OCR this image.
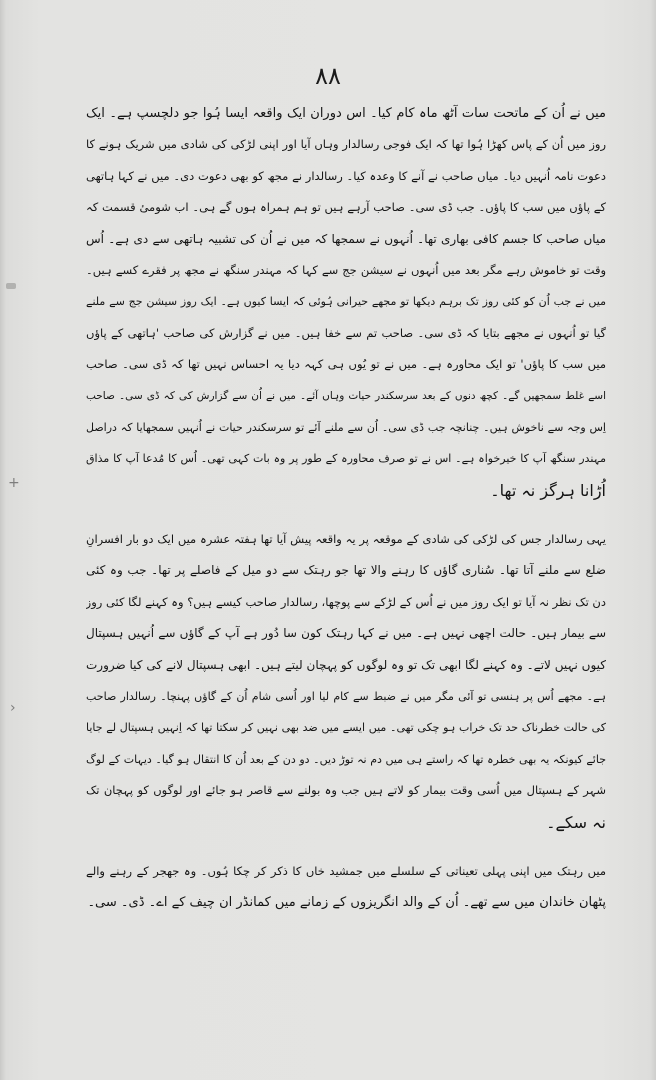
+
›
۸۸
میں نے اُن کے ماتحت سات آٹھ ماہ کام کیا۔ اس دوران ایک واقعہ ایسا ہُوا جو دلچسپ ہے۔ ایک
روز میں اُن کے پاس کھڑا ہُوا تھا کہ ایک فوجی رسالدار وہاں آیا اور اپنی لڑکی کی شادی میں شریک ہونے کا
دعوت نامہ اُنہیں دیا۔ میاں صاحب نے آنے کا وعدہ کیا۔ رسالدار نے مجھ کو بھی دعوت دی۔ میں نے کہا ہاتھی
کے پاؤں میں سب کا پاؤں۔ جب ڈی سی۔ صاحب آرہے ہیں تو ہم ہمراہ ہوں گے ہی۔ اب شومیٔ قسمت کہ
میاں صاحب کا جسم کافی بھاری تھا۔ اُنہوں نے سمجھا کہ میں نے اُن کی تشبیہ ہاتھی سے دی ہے۔ اُس
وقت تو خاموش رہے مگر بعد میں اُنہوں نے سیشن جج سے کہا کہ مہندر سنگھ نے مجھ پر فقرے کسے ہیں۔
میں نے جب اُن کو کئی روز تک برہم دیکھا تو مجھے حیرانی ہُوئی کہ ایسا کیوں ہے۔ ایک روز سیشن جج سے ملنے
گیا تو اُنہوں نے مجھے بتایا کہ ڈی سی۔ صاحب تم سے خفا ہیں۔ میں نے گزارش کی صاحب 'ہاتھی کے پاؤں
میں سب کا پاؤں' تو ایک محاورہ ہے۔ میں نے تو یُوں ہی کہہ دیا یہ احساس نہیں تھا کہ ڈی سی۔ صاحب
اسے غلط سمجھیں گے۔ کچھ دنوں کے بعد سرسکندر حیات وہاں آئے۔ میں نے اُن سے گزارش کی کہ ڈی سی۔ صاحب
اِس وجہ سے ناخوش ہیں۔ چنانچہ جب ڈی سی۔ اُن سے ملنے آئے تو سرسکندر حیات نے اُنہیں سمجھایا کہ دراصل
مہندر سنگھ آپ کا خیرخواہ ہے۔ اس نے تو صرف محاورہ کے طور پر وہ بات کہی تھی۔ اُس کا مُدعا آپ کا مذاق
اُڑانا ہرگز نہ تھا۔
یہی رسالدار جس کی لڑکی کی شادی کے موقعہ پر یہ واقعہ پیش آیا تھا ہفتہ عشرہ میں ایک دو بار افسرانِ
ضلع سے ملنے آتا تھا۔ سُناری گاؤں کا رہنے والا تھا جو رہتک سے دو میل کے فاصلے پر تھا۔ جب وہ کئی
دن تک نظر نہ آیا تو ایک روز میں نے اُس کے لڑکے سے پوچھا، رسالدار صاحب کیسے ہیں؟ وہ کہنے لگا کئی روز
سے بیمار ہیں۔ حالت اچھی نہیں ہے۔ میں نے کہا رہتک کون سا دُور ہے آپ کے گاؤں سے اُنہیں ہسپتال
کیوں نہیں لاتے۔ وہ کہنے لگا ابھی تک تو وہ لوگوں کو پہچان لیتے ہیں۔ ابھی ہسپتال لانے کی کیا ضرورت
ہے۔ مجھے اُس پر ہنسی تو آئی مگر میں نے ضبط سے کام لیا اور اُسی شام اُن کے گاؤں پہنچا۔ رسالدار صاحب
کی حالت خطرناک حد تک خراب ہو چکی تھی۔ میں ایسے میں ضد بھی نہیں کر سکتا تھا کہ اِنہیں ہسپتال لے جایا
جائے کیونکہ یہ بھی خطرہ تھا کہ راستے ہی میں دم نہ توڑ دیں۔ دو دن کے بعد اُن کا انتقال ہو گیا۔ دیہات کے لوگ
شہر کے ہسپتال میں اُسی وقت بیمار کو لاتے ہیں جب وہ بولنے سے قاصر ہو جائے اور لوگوں کو پہچان تک
نہ سکے۔
میں رہتک میں اپنی پہلی تعیناتی کے سلسلے میں جمشید خاں کا ذکر کر چکا ہُوں۔ وہ جھجر کے رہنے والے
پٹھان خاندان میں سے تھے۔ اُن کے والد انگریزوں کے زمانے میں کمانڈر ان چیف کے اے۔ ڈی۔ سی۔
